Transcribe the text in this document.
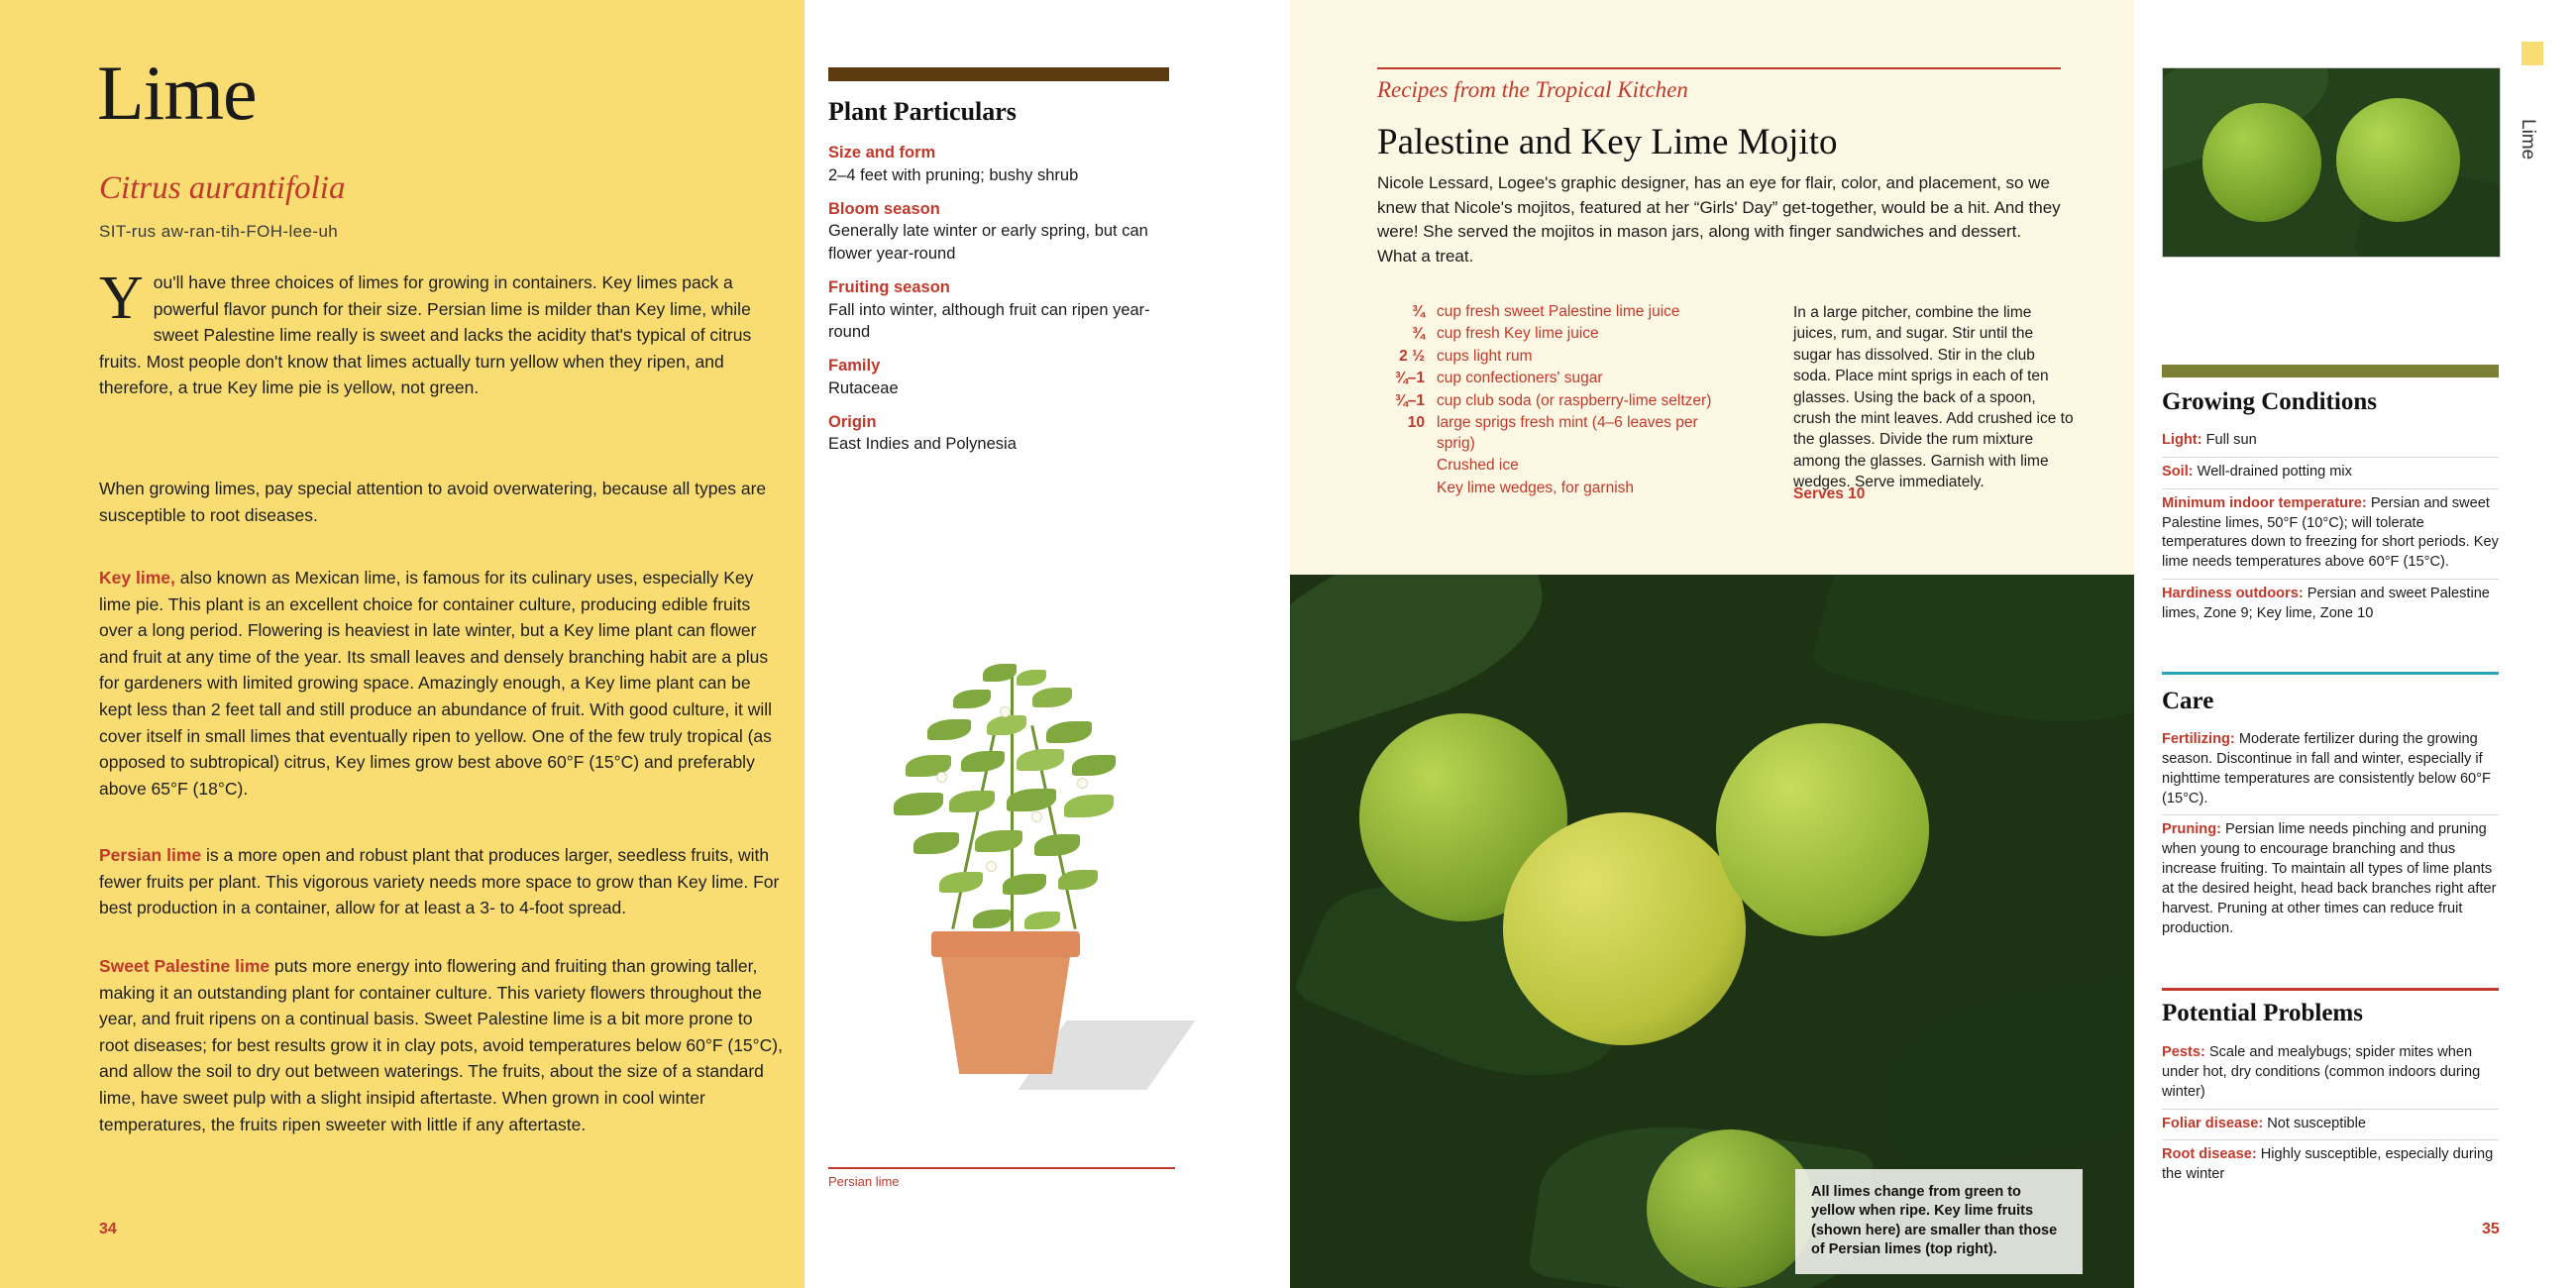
Lime
Citrus aurantifolia
SIT-rus aw-ran-tih-FOH-lee-uh
You'll have three choices of limes for growing in containers. Key limes pack a powerful flavor punch for their size. Persian lime is milder than Key lime, while sweet Palestine lime really is sweet and lacks the acidity that's typical of citrus fruits. Most people don't know that limes actually turn yellow when they ripen, and therefore, a true Key lime pie is yellow, not green.
When growing limes, pay special attention to avoid overwatering, because all types are susceptible to root diseases.
Key lime, also known as Mexican lime, is famous for its culinary uses, especially Key lime pie. This plant is an excellent choice for container culture, producing edible fruits over a long period. Flowering is heaviest in late winter, but a Key lime plant can flower and fruit at any time of the year. Its small leaves and densely branching habit are a plus for gardeners with limited growing space. Amazingly enough, a Key lime plant can be kept less than 2 feet tall and still produce an abundance of fruit. With good culture, it will cover itself in small limes that eventually ripen to yellow. One of the few truly tropical (as opposed to subtropical) citrus, Key limes grow best above 60°F (15°C) and preferably above 65°F (18°C).
Persian lime is a more open and robust plant that produces larger, seedless fruits, with fewer fruits per plant. This vigorous variety needs more space to grow than Key lime. For best production in a container, allow for at least a 3- to 4-foot spread.
Sweet Palestine lime puts more energy into flowering and fruiting than growing taller, making it an outstanding plant for container culture. This variety flowers throughout the year, and fruit ripens on a continual basis. Sweet Palestine lime is a bit more prone to root diseases; for best results grow it in clay pots, avoid temperatures below 60°F (15°C), and allow the soil to dry out between waterings. The fruits, about the size of a standard lime, have sweet pulp with a slight insipid aftertaste. When grown in cool winter temperatures, the fruits ripen sweeter with little if any aftertaste.
34
Plant Particulars
Size and form
2–4 feet with pruning; bushy shrub
Bloom season
Generally late winter or early spring, but can flower year-round
Fruiting season
Fall into winter, although fruit can ripen year-round
Family
Rutaceae
Origin
East Indies and Polynesia
Persian lime
Recipes from the Tropical Kitchen
Palestine and Key Lime Mojito
Nicole Lessard, Logee's graphic designer, has an eye for flair, color, and placement, so we knew that Nicole's mojitos, featured at her “Girls' Day” get-together, would be a hit. And they were! She served the mojitos in mason jars, along with finger sandwiches and dessert. What a treat.
¾ cup fresh sweet Palestine lime juice
¾ cup fresh Key lime juice
2 ½ cups light rum
¾–1 cup confectioners' sugar
¾–1 cup club soda (or raspberry-lime seltzer)
10 large sprigs fresh mint (4–6 leaves per sprig)
Crushed ice
Key lime wedges, for garnish
In a large pitcher, combine the lime juices, rum, and sugar. Stir until the sugar has dissolved. Stir in the club soda. Place mint sprigs in each of ten glasses. Using the back of a spoon, crush the mint leaves. Add crushed ice to the glasses. Divide the rum mixture among the glasses. Garnish with lime wedges. Serve immediately.
Serves 10
All limes change from green to yellow when ripe. Key lime fruits (shown here) are smaller than those of Persian limes (top right).
Growing Conditions
Light: Full sun
Soil: Well-drained potting mix
Minimum indoor temperature: Persian and sweet Palestine limes, 50°F (10°C); will tolerate temperatures down to freezing for short periods. Key lime needs temperatures above 60°F (15°C).
Hardiness outdoors: Persian and sweet Palestine limes, Zone 9; Key lime, Zone 10
Care
Fertilizing: Moderate fertilizer during the growing season. Discontinue in fall and winter, especially if nighttime temperatures are consistently below 60°F (15°C).
Pruning: Persian lime needs pinching and pruning when young to encourage branching and thus increase fruiting. To maintain all types of lime plants at the desired height, head back branches right after harvest. Pruning at other times can reduce fruit production.
Potential Problems
Pests: Scale and mealybugs; spider mites when under hot, dry conditions (common indoors during winter)
Foliar disease: Not susceptible
Root disease: Highly susceptible, especially during the winter
35
Lime
